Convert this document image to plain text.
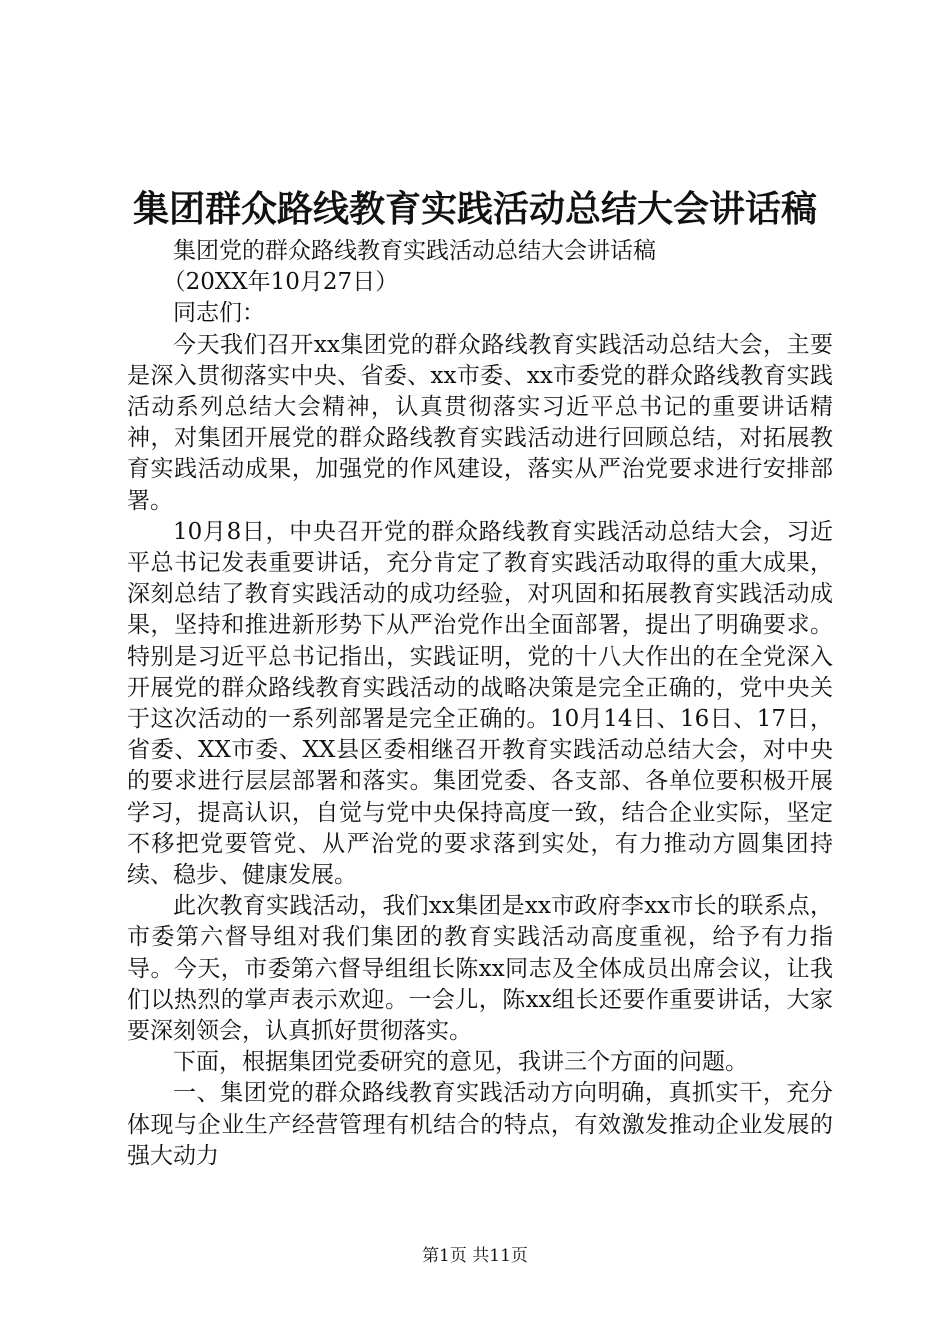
集团群众路线教育实践活动总结大会讲话稿

集团党的群众路线教育实践活动总结大会讲话稿

（20XX年10月27日）

同志们：

今天我们召开xx集团党的群众路线教育实践活动总结大会，主要是深入贯彻落实中央、省委、xx市委、xx市委党的群众路线教育实践活动系列总结大会精神，认真贯彻落实习近平总书记的重要讲话精神，对集团开展党的群众路线教育实践活动进行回顾总结，对拓展教育实践活动成果，加强党的作风建设，落实从严治党要求进行安排部署。

10月8日，中央召开党的群众路线教育实践活动总结大会，习近平总书记发表重要讲话，充分肯定了教育实践活动取得的重大成果，深刻总结了教育实践活动的成功经验，对巩固和拓展教育实践活动成果，坚持和推进新形势下从严治党作出全面部署，提出了明确要求。特别是习近平总书记指出，实践证明，党的十八大作出的在全党深入开展党的群众路线教育实践活动的战略决策是完全正确的，党中央关于这次活动的一系列部署是完全正确的。10月14日、16日、17日，省委、XX市委、XX县区委相继召开教育实践活动总结大会，对中央的要求进行层层部署和落实。集团党委、各支部、各单位要积极开展学习，提高认识，自觉与党中央保持高度一致，结合企业实际，坚定不移把党要管党、从严治党的要求落到实处，有力推动方圆集团持续、稳步、健康发展。

此次教育实践活动，我们xx集团是xx市政府李xx市长的联系点，市委第六督导组对我们集团的教育实践活动高度重视，给予有力指导。今天，市委第六督导组组长陈xx同志及全体成员出席会议，让我们以热烈的掌声表示欢迎。一会儿，陈xx组长还要作重要讲话，大家要深刻领会，认真抓好贯彻落实。

下面，根据集团党委研究的意见，我讲三个方面的问题。

一、集团党的群众路线教育实践活动方向明确，真抓实干，充分体现与企业生产经营管理有机结合的特点，有效激发推动企业发展的强大动力

第1页 共11页
